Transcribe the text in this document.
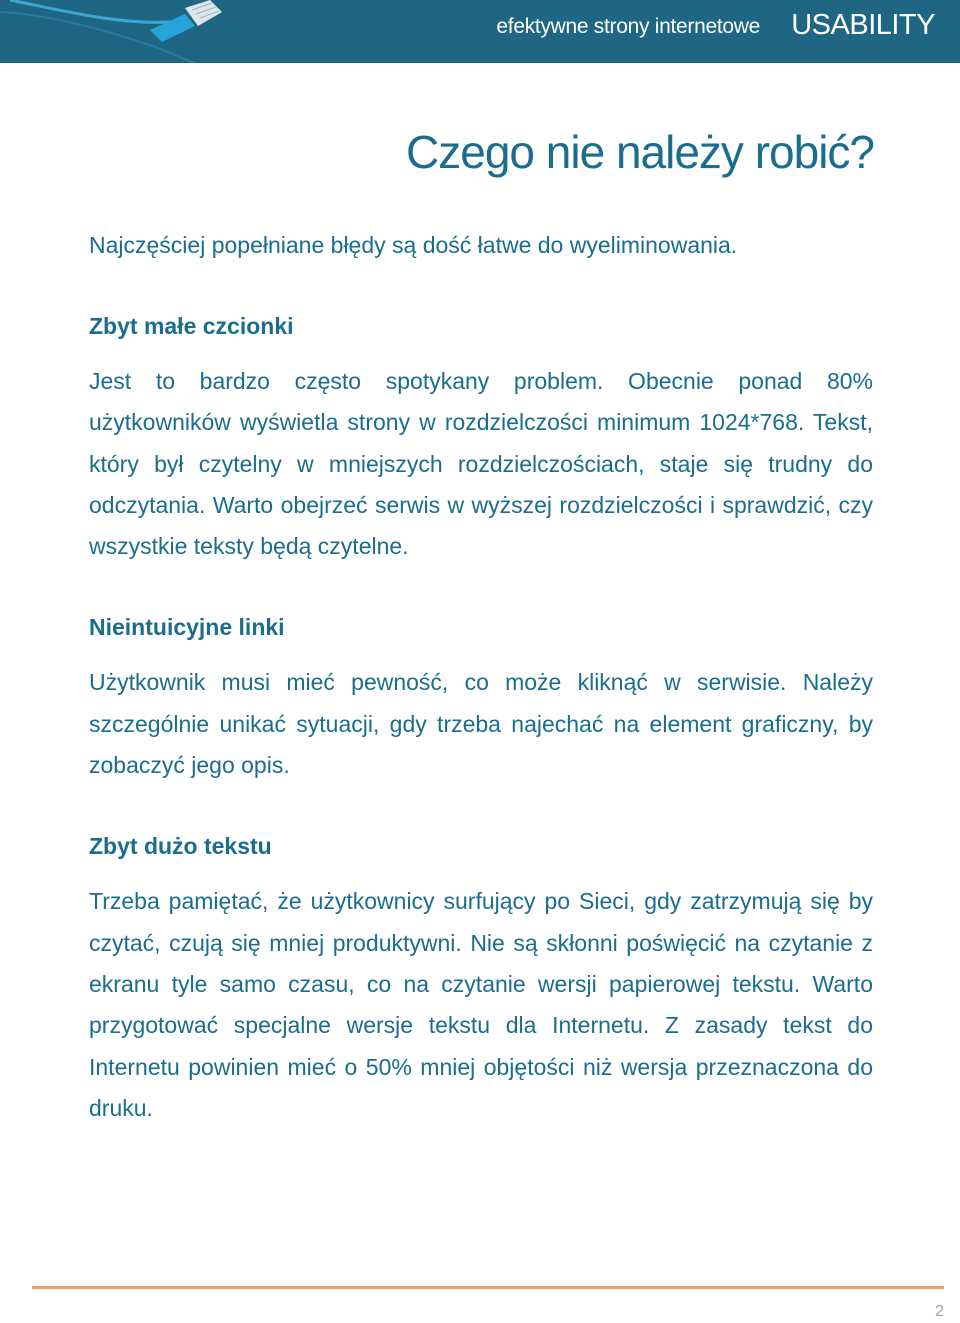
efektywne strony internetowe USABILITY
Czego nie należy robić?

Najczęściej popełniane błędy są dość łatwe do wyeliminowania.

Zbyt małe czcionki

Jest to bardzo często spotykany problem. Obecnie ponad 80% użytkowników wyświetla strony w rozdzielczości minimum 1024*768. Tekst, który był czytelny w mniejszych rozdzielczościach, staje się trudny do odczytania. Warto obejrzeć serwis w wyższej rozdzielczości i sprawdzić, czy wszystkie teksty będą czytelne.

Nieintuicyjne linki

Użytkownik musi mieć pewność, co może kliknąć w serwisie. Należy szczególnie unikać sytuacji, gdy trzeba najechać na element graficzny, by zobaczyć jego opis.

Zbyt dużo tekstu

Trzeba pamiętać, że użytkownicy surfujący po Sieci, gdy zatrzymują się by czytać, czują się mniej produktywni. Nie są skłonni poświęcić na czytanie z ekranu tyle samo czasu, co na czytanie wersji papierowej tekstu. Warto przygotować specjalne wersje tekstu dla Internetu. Z zasady tekst do Internetu powinien mieć o 50% mniej objętości niż wersja przeznaczona do druku.

2
